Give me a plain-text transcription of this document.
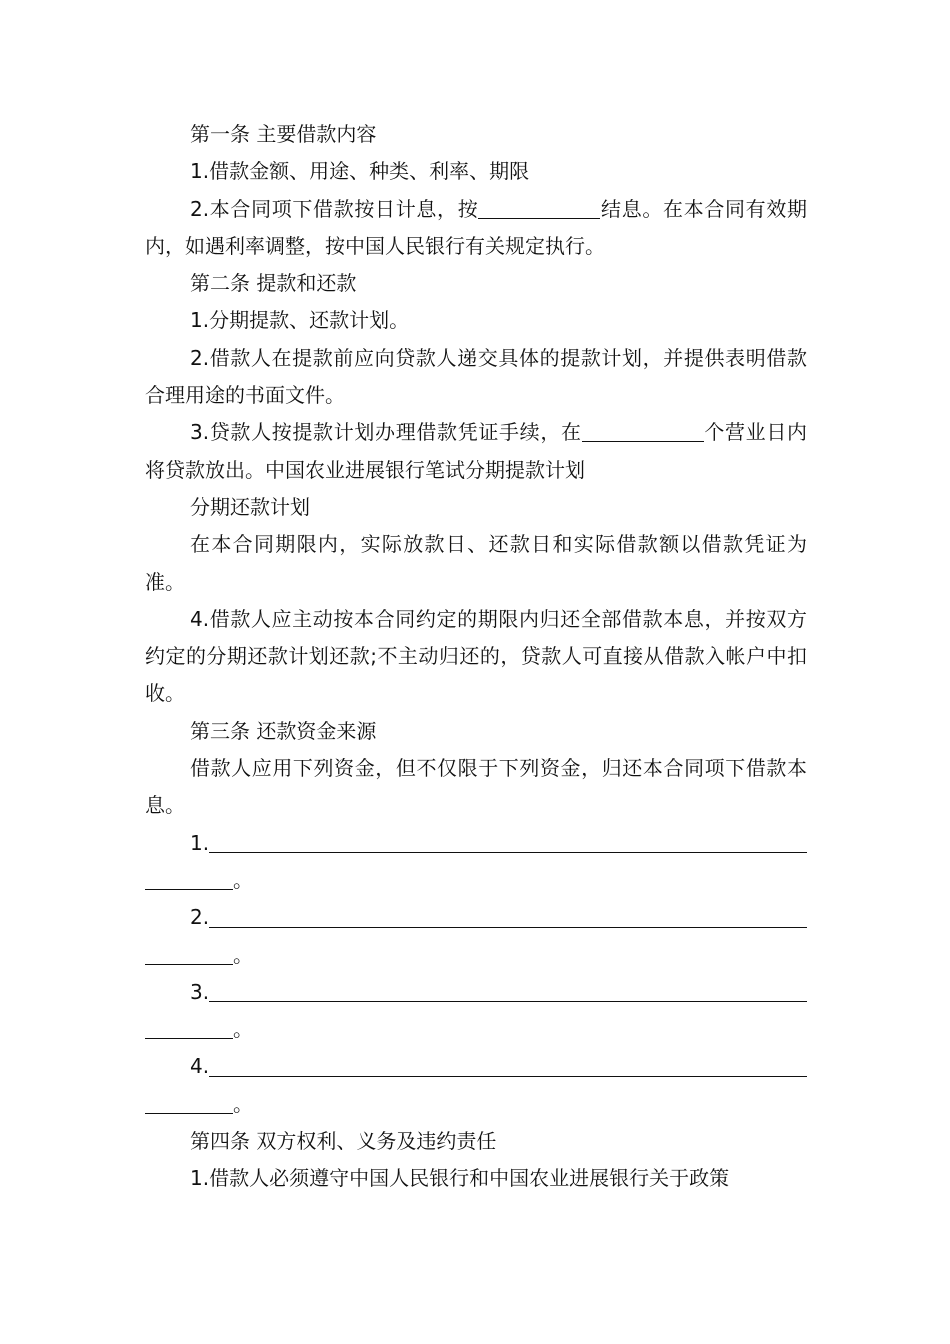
第一条 主要借款内容

1.借款金额、用途、种类、利率、期限

2.本合同项下借款按日计息，按	结息。在本合同有效期内，如遇利率调整，按中国人民银行有关规定执行。

第二条 提款和还款

1.分期提款、还款计划。

2.借款人在提款前应向贷款人递交具体的提款计划，并提供表明借款合理用途的书面文件。

3.贷款人按提款计划办理借款凭证手续，在	个营业日内将贷款放出。中国农业进展银行笔试分期提款计划

分期还款计划

在本合同期限内，实际放款日、还款日和实际借款额以借款凭证为准。

4.借款人应主动按本合同约定的期限内归还全部借款本息，并按双方约定的分期还款计划还款;不主动归还的，贷款人可直接从借款入帐户中扣收。

第三条 还款资金来源

借款人应用下列资金，但不仅限于下列资金，归还本合同项下借款本息。

1.
。
2.
。
3.
。
4.
。

第四条 双方权利、义务及违约责任

1.借款人必须遵守中国人民银行和中国农业进展银行关于政策
